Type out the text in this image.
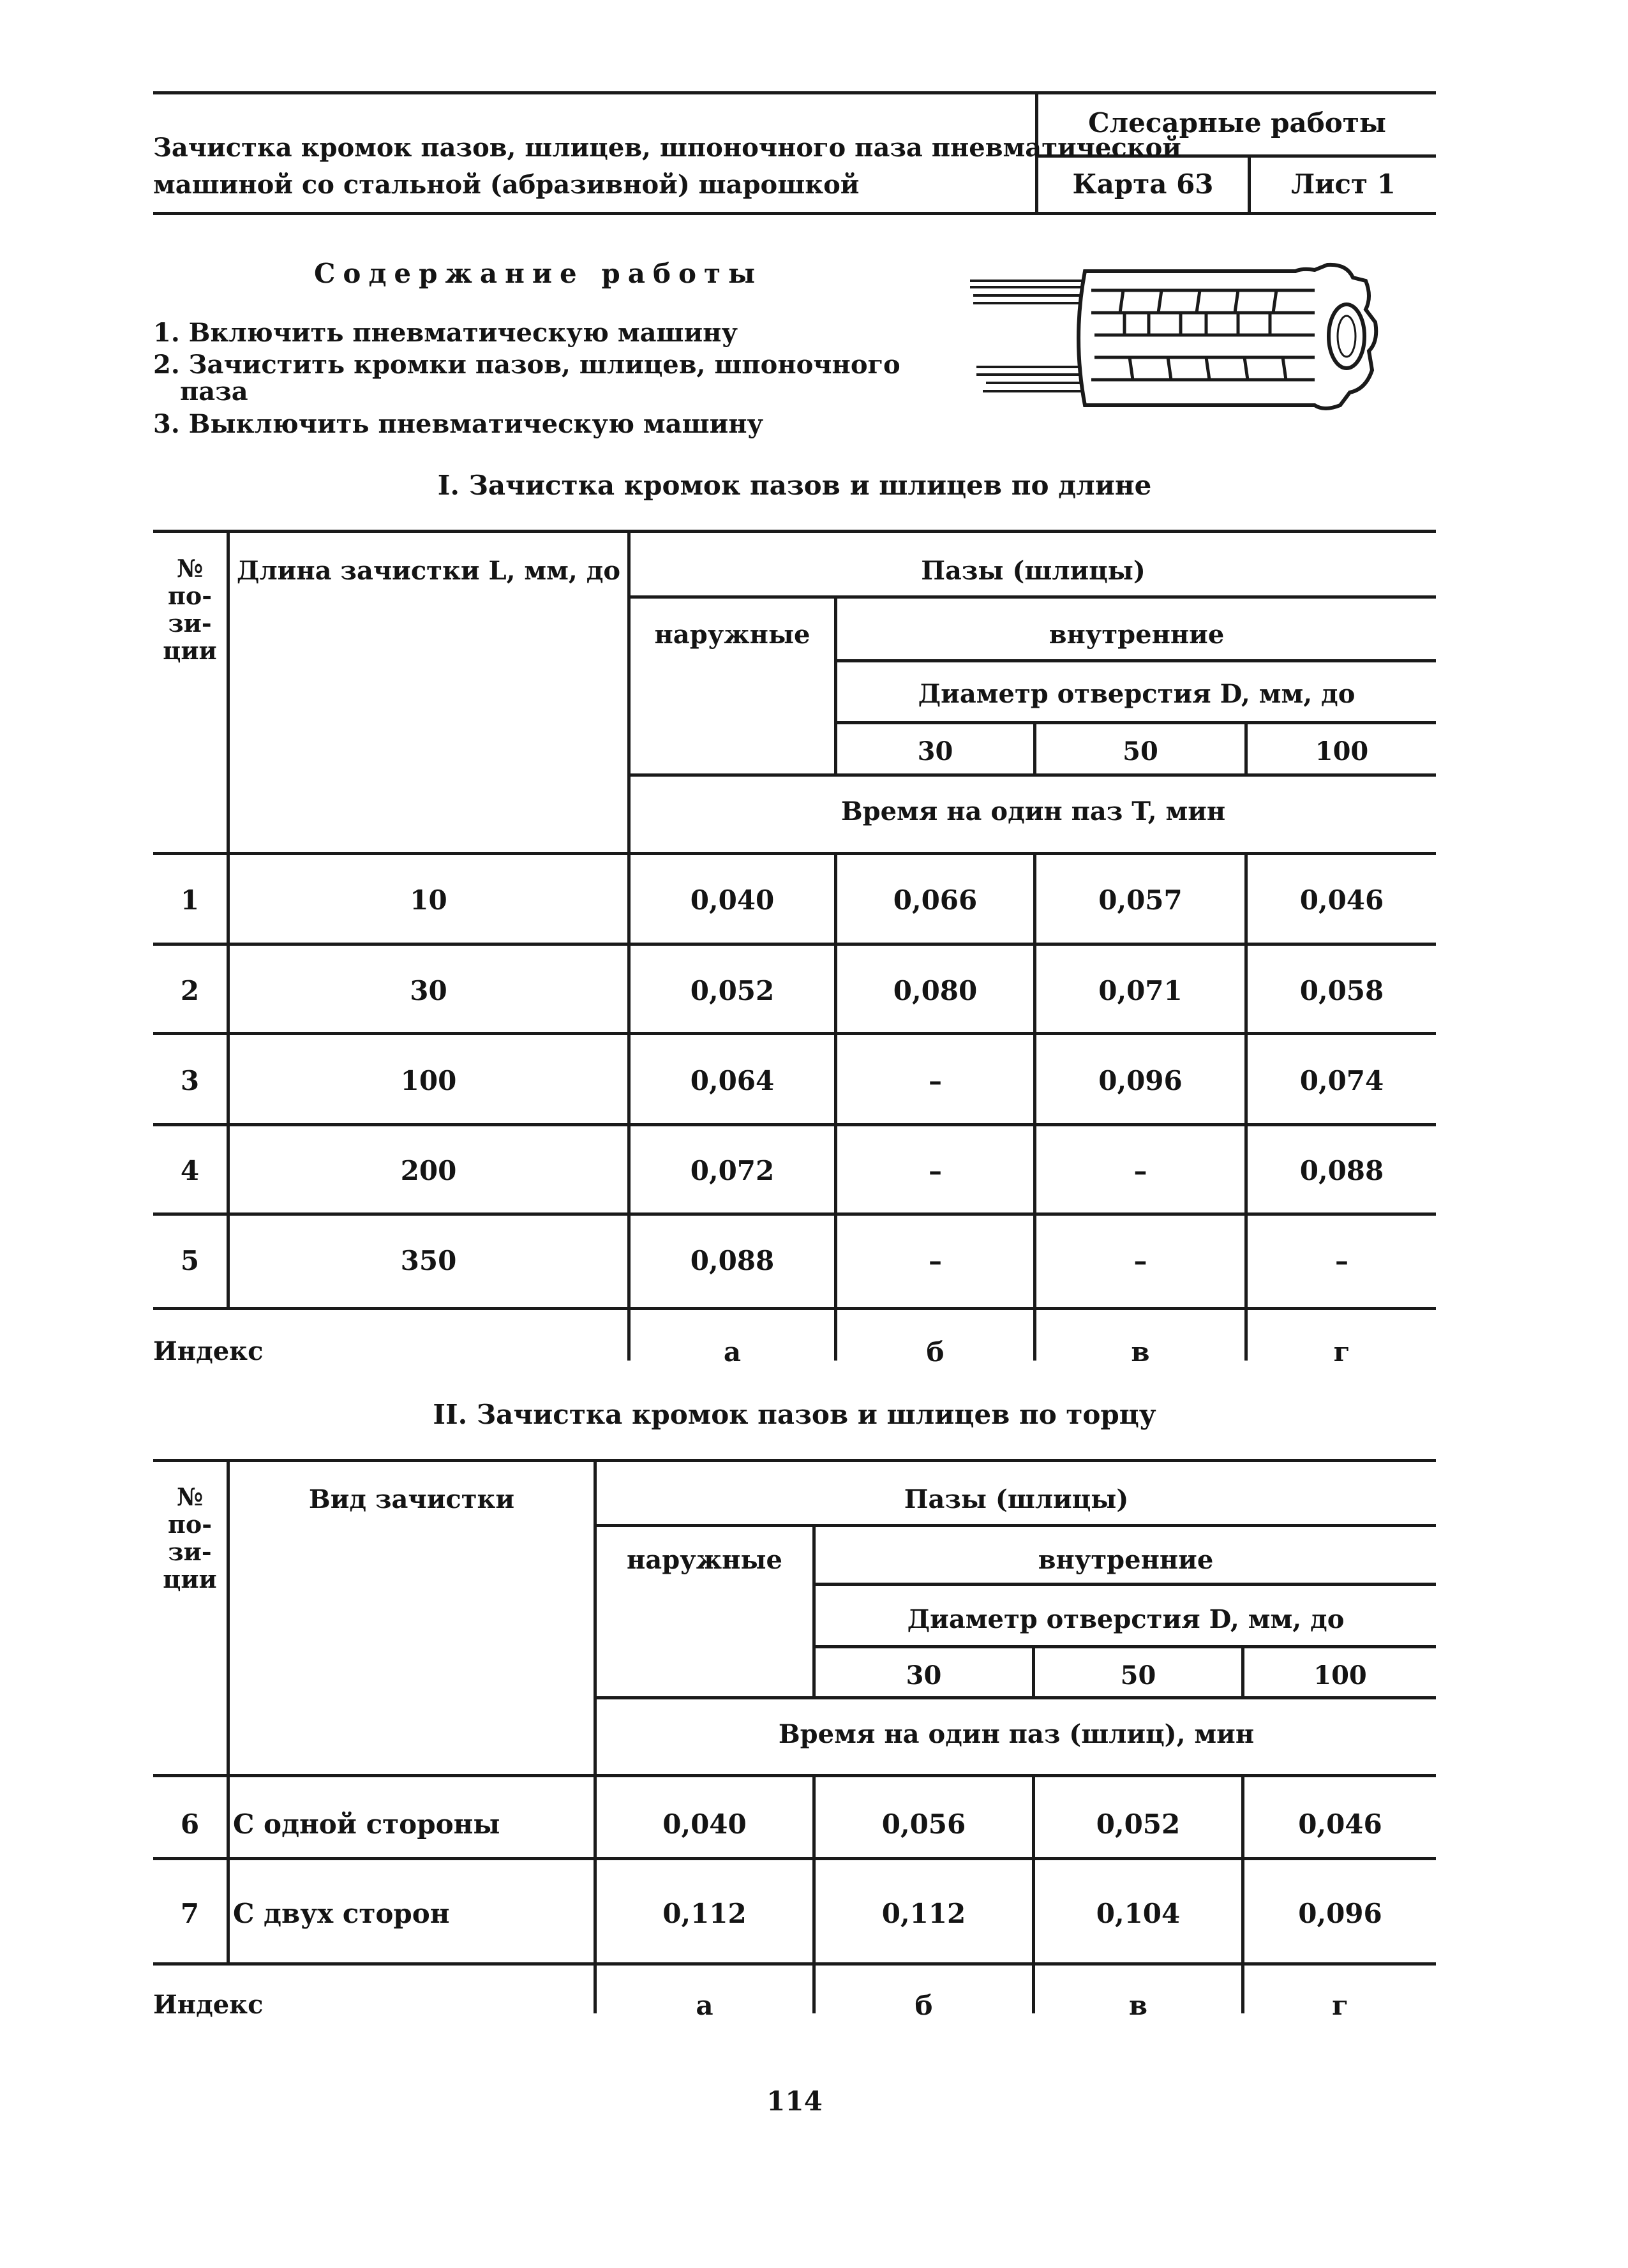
Зачистка кромок пазов, шлицев, шпоночного паза пневматической
машиной со стальной (абразивной) шарошкой
Слесарные работы
Карта 63	Лист 1
Содержание работы
1. Включить пневматическую машину
2. Зачистить кромки пазов, шлицев, шпоночного
паза
3. Выключить пневматическую машину
I. Зачистка кромок пазов и шлицев по длине
№
по-
зи-
ции
Длина зачистки L, мм, до	Пазы (шлицы)
наружные	внутренние
Диаметр отверстия D, мм, до
30	50	100
Время на один паз T, мин
1	10	0,040	0,066	0,057	0,046
2	30	0,052	0,080	0,071	0,058
3	100	0,064	–	0,096	0,074
4	200	0,072	–	–	0,088
5	350	0,088	–	–	–
Индекс	а	б	в	г
II. Зачистка кромок пазов и шлицев по торцу
№
по-
зи-
ции
Вид зачистки	Пазы (шлицы)
наружные	внутренние
Диаметр отверстия D, мм, до
30	50	100
Время на один паз (шлиц), мин
6	С одной стороны	0,040	0,056	0,052	0,046
7	С двух сторон	0,112	0,112	0,104	0,096
Индекс	а	б	в	г
114
